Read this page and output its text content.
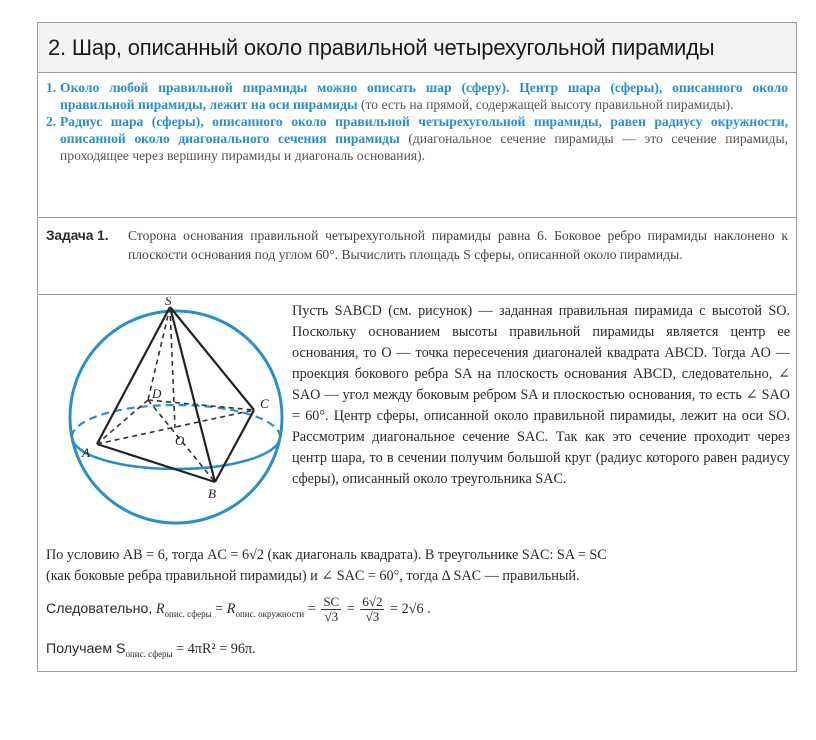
2. Шар, описанный около правильной четырехугольной пирамиды
1. Около любой правильной пирамиды можно описать шар (сферу). Центр шара (сферы), описанного около правильной пирамиды, лежит на оси пирамиды (то есть на прямой, содержащей высоту правильной пирамиды).
2. Радиус шара (сферы), описанного около правильной четырехугольной пирамиды, равен радиусу окружности, описанной около диагонального сечения пирамиды (диагональное сечение пирамиды — это сечение пирамиды, проходящее через вершину пирамиды и диагональ основания).
Задача 1.	Сторона основания правильной четырехугольной пирамиды равна 6. Боковое ребро пирамиды наклонено к плоскости основания под углом 60°. Вычислить площадь S сферы, описанной около пирамиды.
S
D
C
A
O
B
Пусть SABCD (см. рисунок) — заданная правильная пирамида с высотой SO. Поскольку основанием высоты правильной пирамиды является центр ее основания, то O — точка пересечения диагоналей квадрата ABCD. Тогда AO — проекция бокового ребра SA на плоскость основания ABCD, следовательно, ∠ SAO — угол между боковым ребром SA и плоскостью основания, то есть ∠ SAO = 60°. Центр сферы, описанной около правильной пирамиды, лежит на оси SO. Рассмотрим диагональное сечение SAC. Так как это сечение проходит через центр шара, то в сечении получим большой круг (радиус которого равен радиусу сферы), описанный около треугольника SAC.
По условию AB = 6, тогда AC = 6√2 (как диагональ квадрата). В треугольнике SAC: SA = SC
(как боковые ребра правильной пирамиды) и ∠ SAC = 60°, тогда Δ SAC — правильный.
Следовательно, $R_{опис. сферы} = R_{опис. окружности} = \frac{SC}{√3} = \frac{6√2}{√3} = 2√6$ .
Получаем $S_{опис. сферы} = 4\pi R^2 = 96\pi$.
